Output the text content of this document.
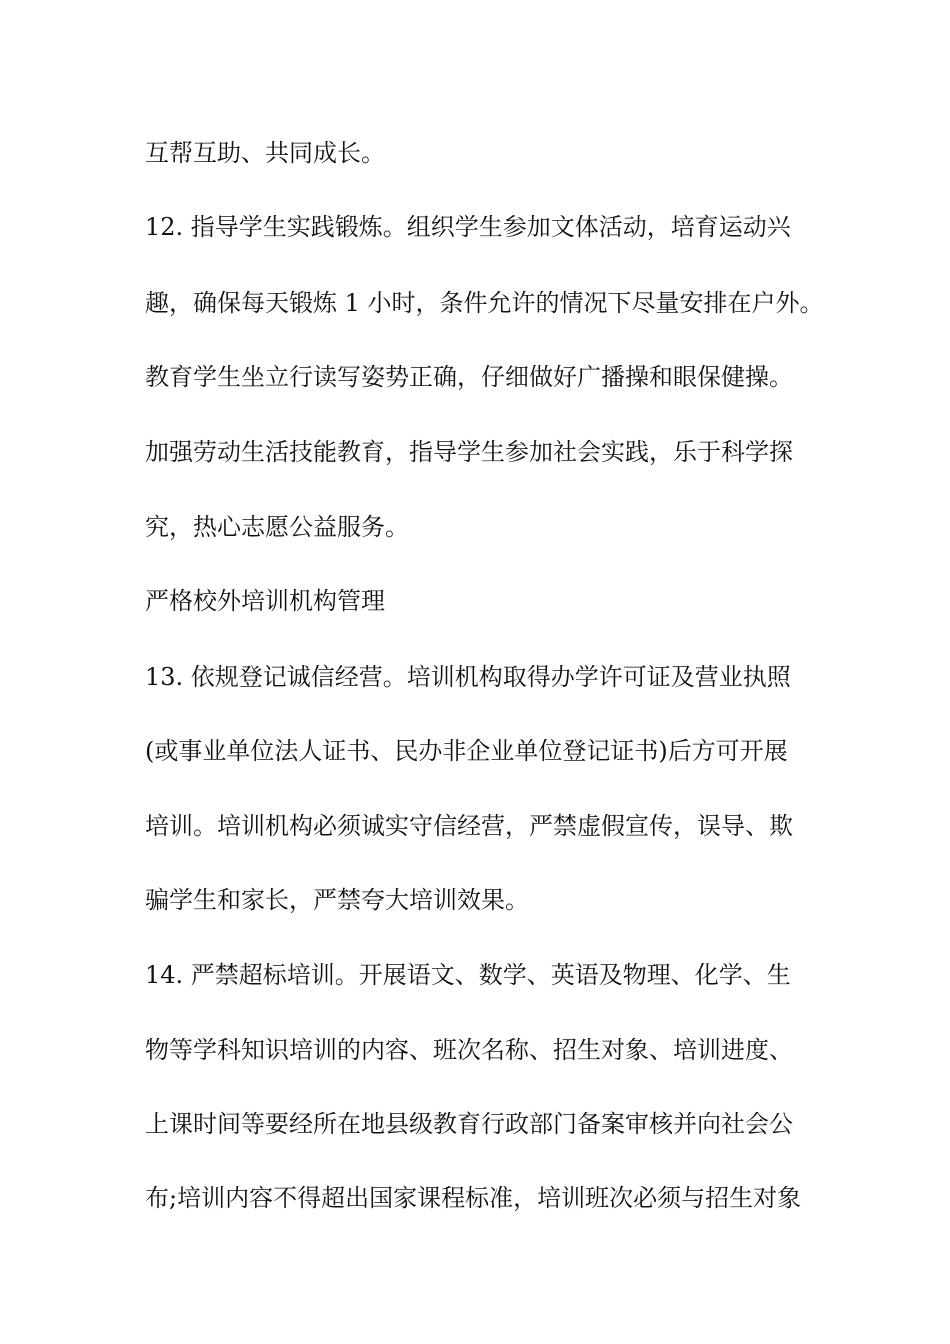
互帮互助、共同成长。
12. 指导学生实践锻炼。组织学生参加文体活动，培育运动兴
趣，确保每天锻炼 1 小时，条件允许的情况下尽量安排在户外。
教育学生坐立行读写姿势正确，仔细做好广播操和眼保健操。
加强劳动生活技能教育，指导学生参加社会实践，乐于科学探
究，热心志愿公益服务。
严格校外培训机构管理
13. 依规登记诚信经营。培训机构取得办学许可证及营业执照
(或事业单位法人证书、民办非企业单位登记证书)后方可开展
培训。培训机构必须诚实守信经营，严禁虚假宣传，误导、欺
骗学生和家长，严禁夸大培训效果。
14. 严禁超标培训。开展语文、数学、英语及物理、化学、生
物等学科知识培训的内容、班次名称、招生对象、培训进度、
上课时间等要经所在地县级教育行政部门备案审核并向社会公
布;培训内容不得超出国家课程标准，培训班次必须与招生对象
